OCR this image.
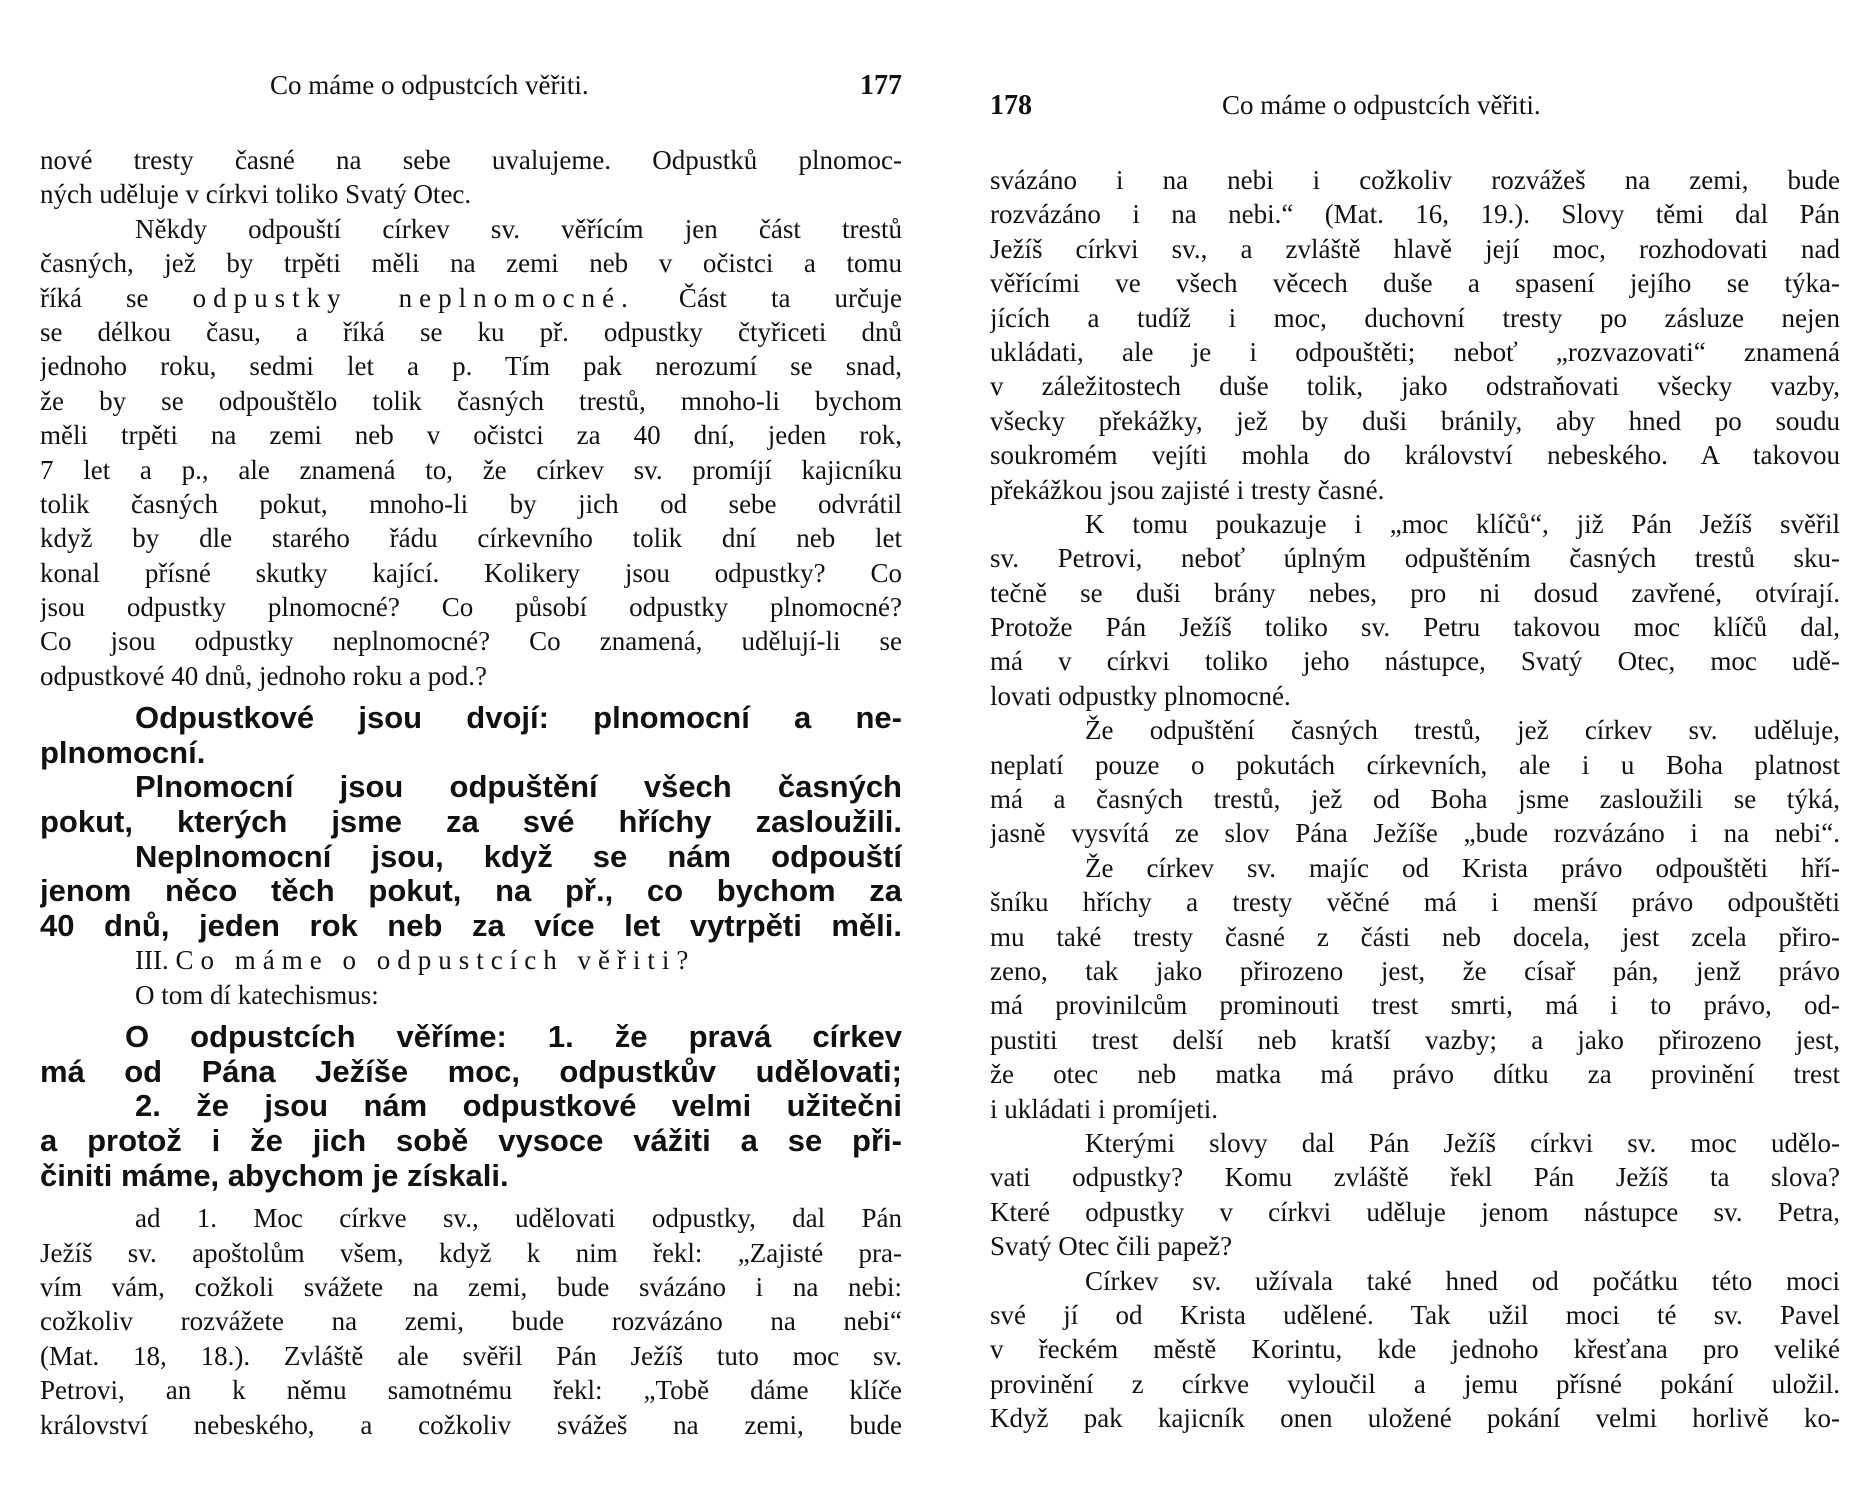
Co máme o odpustcích věřiti.	177
nové tresty časné na sebe uvalujeme. Odpustků plnomoc-
ných uděluje v církvi toliko Svatý Otec.
Někdy odpouští církev sv. věřícím jen část trestů
časných, jež by trpěti měli na zemi neb v očistci a tomu
říká se odpustky neplnomocné. Část ta určuje
se délkou času, a říká se ku př. odpustky čtyřiceti dnů
jednoho roku, sedmi let a p. Tím pak nerozumí se snad,
že by se odpouštělo tolik časných trestů, mnoho-li bychom
měli trpěti na zemi neb v očistci za 40 dní, jeden rok,
7 let a p., ale znamená to, že církev sv. promíjí kajicníku
tolik časných pokut, mnoho-li by jich od sebe odvrátil
když by dle starého řádu církevního tolik dní neb let
konal přísné skutky kající. Kolikery jsou odpustky? Co
jsou odpustky plnomocné? Co působí odpustky plnomocné?
Co jsou odpustky neplnomocné? Co znamená, udělují-li se
odpustkové 40 dnů, jednoho roku a pod.?
Odpustkové jsou dvojí: plnomocní a ne-
plnomocní.
Plnomocní jsou odpuštění všech časných
pokut, kterých jsme za své hříchy zasloužili.
Neplnomocní jsou, když se nám odpouští
jenom něco těch pokut, na př., co bychom za
40 dnů, jeden rok neb za více let vytrpěti měli.
III. Co máme o odpustcích věřiti?
O tom dí katechismus:
O odpustcích věříme: 1. že pravá církev
má od Pána Ježíše moc, odpustkův udělovati;
2. že jsou nám odpustkové velmi užitečni
a protož i že jich sobě vysoce vážiti a se při-
činiti máme, abychom je získali.
ad 1. Moc církve sv., udělovati odpustky, dal Pán
Ježíš sv. apoštolům všem, když k nim řekl: „Zajisté pra-
vím vám, cožkoli svážete na zemi, bude svázáno i na nebi:
cožkoliv rozvážete na zemi, bude rozvázáno na nebi“
(Mat. 18, 18.). Zvláště ale svěřil Pán Ježíš tuto moc sv.
Petrovi, an k němu samotnému řekl: „Tobě dáme klíče
království nebeského, a cožkoliv svážeš na zemi, bude
178	Co máme o odpustcích věřiti.
svázáno i na nebi i cožkoliv rozvážeš na zemi, bude
rozvázáno i na nebi.“ (Mat. 16, 19.). Slovy těmi dal Pán
Ježíš církvi sv., a zvláště hlavě její moc, rozhodovati nad
věřícími ve všech věcech duše a spasení jejího se týka-
jících a tudíž i moc, duchovní tresty po zásluze nejen
ukládati, ale je i odpouštěti; neboť „rozvazovati“ znamená
v záležitostech duše tolik, jako odstraňovati všecky vazby,
všecky překážky, jež by duši bránily, aby hned po soudu
soukromém vejíti mohla do království nebeského. A takovou
překážkou jsou zajisté i tresty časné.
K tomu poukazuje i „moc klíčů“, již Pán Ježíš svěřil
sv. Petrovi, neboť úplným odpuštěním časných trestů sku-
tečně se duši brány nebes, pro ni dosud zavřené, otvírají.
Protože Pán Ježíš toliko sv. Petru takovou moc klíčů dal,
má v církvi toliko jeho nástupce, Svatý Otec, moc udě-
lovati odpustky plnomocné.
Že odpuštění časných trestů, jež církev sv. uděluje,
neplatí pouze o pokutách církevních, ale i u Boha platnost
má a časných trestů, jež od Boha jsme zasloužili se týká,
jasně vysvítá ze slov Pána Ježíše „bude rozvázáno i na nebi“.
Že církev sv. majíc od Krista právo odpouštěti hří-
šníku hříchy a tresty věčné má i menší právo odpouštěti
mu také tresty časné z části neb docela, jest zcela přiro-
zeno, tak jako přirozeno jest, že císař pán, jenž právo
má provinilcům prominouti trest smrti, má i to právo, od-
pustiti trest delší neb kratší vazby; a jako přirozeno jest,
že otec neb matka má právo dítku za provinění trest
i ukládati i promíjeti.
Kterými slovy dal Pán Ježíš církvi sv. moc udělo-
vati odpustky? Komu zvláště řekl Pán Ježíš ta slova?
Které odpustky v církvi uděluje jenom nástupce sv. Petra,
Svatý Otec čili papež?
Církev sv. užívala také hned od počátku této moci
své jí od Krista udělené. Tak užil moci té sv. Pavel
v řeckém městě Korintu, kde jednoho křesťana pro veliké
provinění z církve vyloučil a jemu přísné pokání uložil.
Když pak kajicník onen uložené pokání velmi horlivě ko-
